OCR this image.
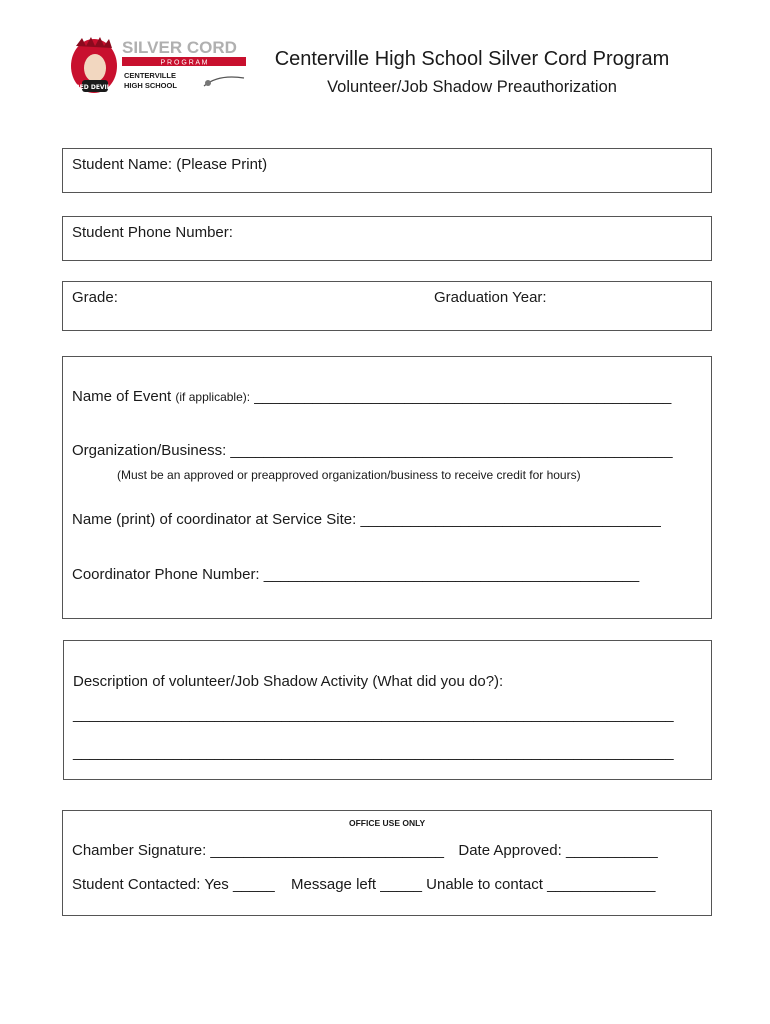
RED DEVILS
SILVER CORD
P R O G R A M
CENTERVILLE
HIGH SCHOOL
Centerville High School Silver Cord Program
Volunteer/Job Shadow Preauthorization
Student Name: (Please Print)
Student Phone Number:
Grade:	Graduation Year:
Name of Event (if applicable): __________________________________________________
Organization/Business: _____________________________________________________
(Must be an approved or preapproved organization/business to receive credit for hours)
Name (print) of coordinator at Service Site: ____________________________________
Coordinator Phone Number: _____________________________________________
Description of volunteer/Job Shadow Activity (What did you do?):
________________________________________________________________________
________________________________________________________________________
OFFICE USE ONLY
Chamber Signature: ____________________________ Date Approved: ___________
Student Contacted: Yes _____ Message left _____ Unable to contact _____________
